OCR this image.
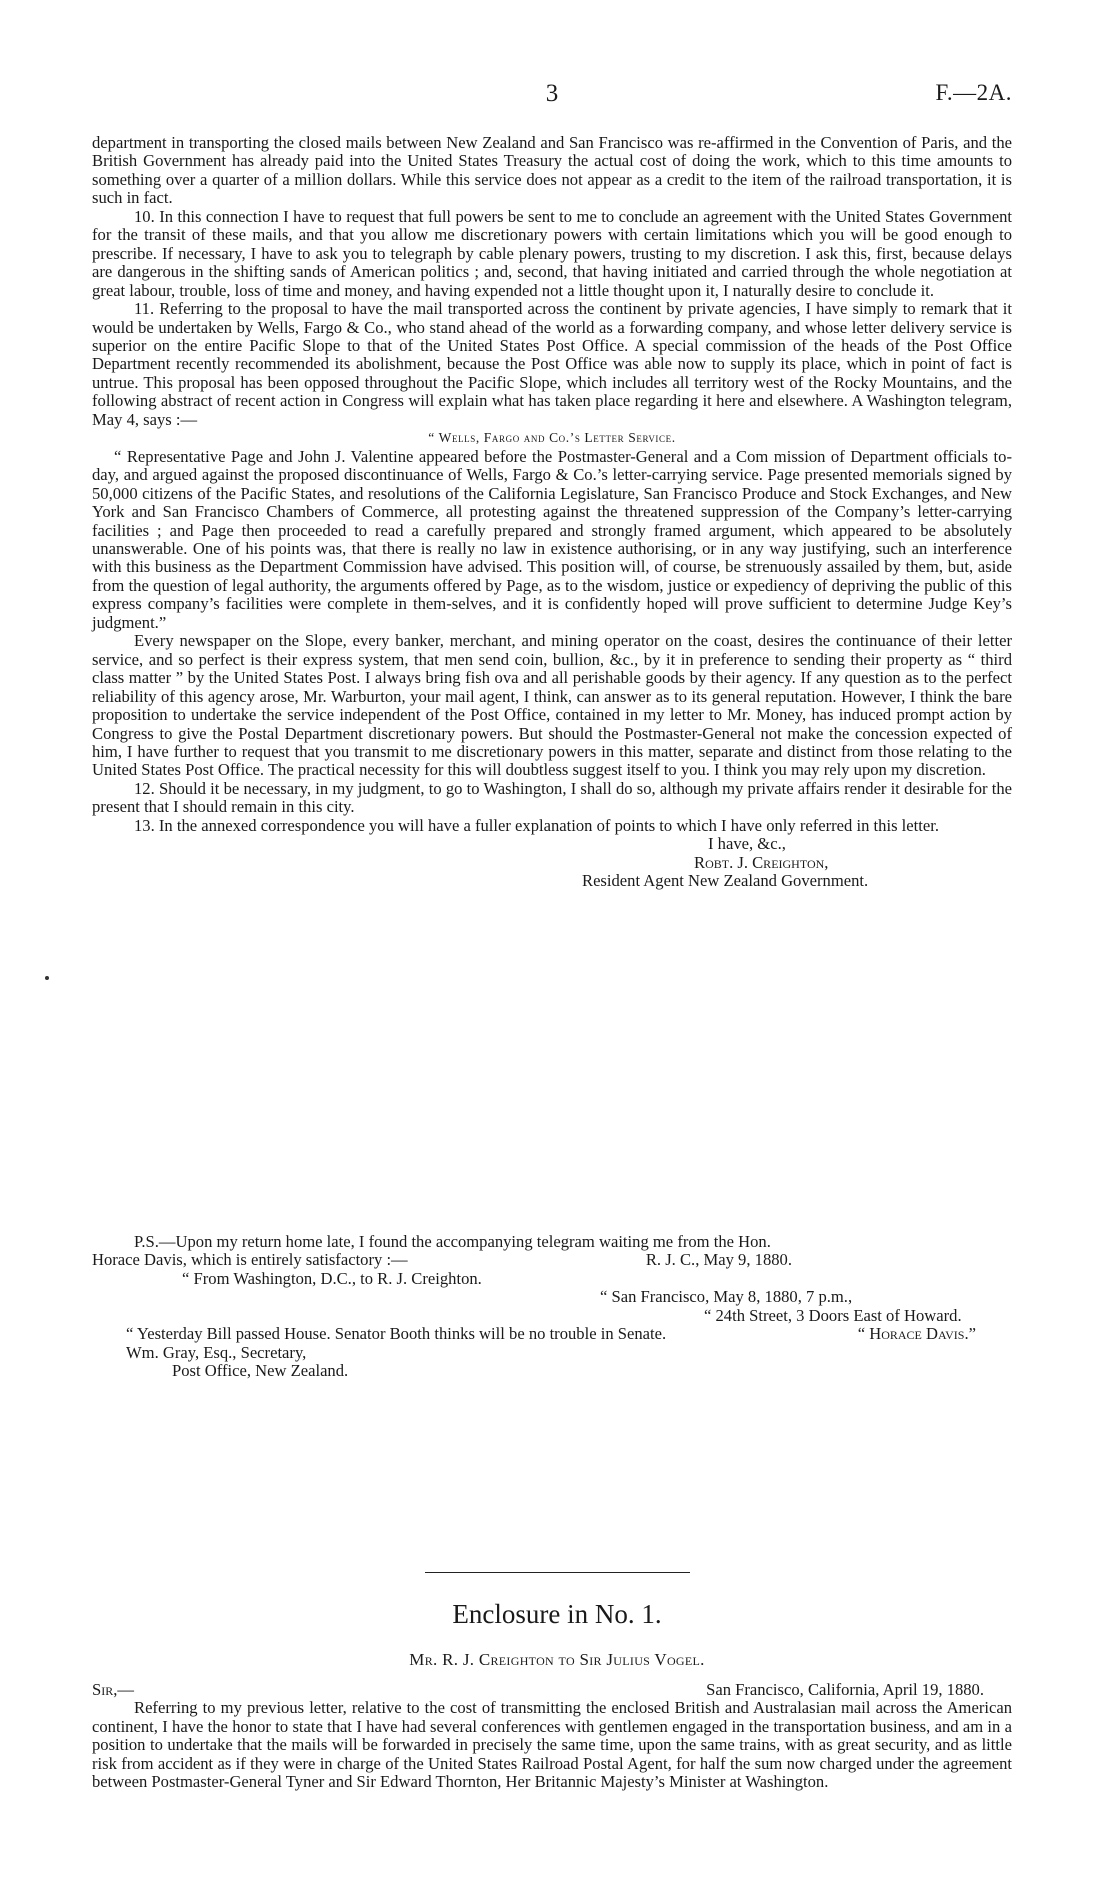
3	F.—2A.

department in transporting the closed mails between New Zealand and San Francisco was re-affirmed in the Convention of Paris, and the British Government has already paid into the United States Treasury the actual cost of doing the work, which to this time amounts to something over a quarter of a million dollars. While this service does not appear as a credit to the item of the railroad transportation, it is such in fact.

10. In this connection I have to request that full powers be sent to me to conclude an agreement with the United States Government for the transit of these mails, and that you allow me discretionary powers with certain limitations which you will be good enough to prescribe. If necessary, I have to ask you to telegraph by cable plenary powers, trusting to my discretion. I ask this, first, because delays are dangerous in the shifting sands of American politics ; and, second, that having initiated and carried through the whole negotiation at great labour, trouble, loss of time and money, and having expended not a little thought upon it, I naturally desire to conclude it.

11. Referring to the proposal to have the mail transported across the continent by private agencies, I have simply to remark that it would be undertaken by Wells, Fargo & Co., who stand ahead of the world as a forwarding company, and whose letter delivery service is superior on the entire Pacific Slope to that of the United States Post Office. A special commission of the heads of the Post Office Department recently recommended its abolishment, because the Post Office was able now to supply its place, which in point of fact is untrue. This proposal has been opposed throughout the Pacific Slope, which includes all territory west of the Rocky Mountains, and the following abstract of recent action in Congress will explain what has taken place regarding it here and elsewhere. A Washington telegram, May 4, says :—

“ Wells, Fargo and Co.’s Letter Service.

“ Representative Page and John J. Valentine appeared before the Postmaster-General and a Com mission of Department officials to-day, and argued against the proposed discontinuance of Wells, Fargo & Co.’s letter-carrying service. Page presented memorials signed by 50,000 citizens of the Pacific States, and resolutions of the California Legislature, San Francisco Produce and Stock Exchanges, and New York and San Francisco Chambers of Commerce, all protesting against the threatened suppression of the Company’s letter-carrying facilities ; and Page then proceeded to read a carefully prepared and strongly framed argument, which appeared to be absolutely unanswerable. One of his points was, that there is really no law in existence authorising, or in any way justifying, such an interference with this business as the Department Commission have advised. This position will, of course, be strenuously assailed by them, but, aside from the question of legal authority, the arguments offered by Page, as to the wisdom, justice or expediency of depriving the public of this express company’s facilities were complete in them-selves, and it is confidently hoped will prove sufficient to determine Judge Key’s judgment.”

Every newspaper on the Slope, every banker, merchant, and mining operator on the coast, desires the continuance of their letter service, and so perfect is their express system, that men send coin, bullion, &c., by it in preference to sending their property as “ third class matter ” by the United States Post. I always bring fish ova and all perishable goods by their agency. If any question as to the perfect reliability of this agency arose, Mr. Warburton, your mail agent, I think, can answer as to its general reputation. However, I think the bare proposition to undertake the service independent of the Post Office, contained in my letter to Mr. Money, has induced prompt action by Congress to give the Postal Department discretionary powers. But should the Postmaster-General not make the concession expected of him, I have further to request that you transmit to me discretionary powers in this matter, separate and distinct from those relating to the United States Post Office. The practical necessity for this will doubtless suggest itself to you. I think you may rely upon my discretion.

12. Should it be necessary, in my judgment, to go to Washington, I shall do so, although my private affairs render it desirable for the present that I should remain in this city.

13. In the annexed correspondence you will have a fuller explanation of points to which I have only referred in this letter.

I have, &c.,
Robt. J. Creighton,
Resident Agent New Zealand Government.

P.S.—Upon my return home late, I found the accompanying telegram waiting me from the Hon.

Horace Davis, which is entirely satisfactory :—	R. J. C., May 9, 1880.

“ From Washington, D.C., to R. J. Creighton.

“ San Francisco, May 8, 1880, 7 p.m.,

“ 24th Street, 3 Doors East of Howard.

“ Yesterday Bill passed House. Senator Booth thinks will be no trouble in Senate.	“ Horace Davis.”

Wm. Gray, Esq., Secretary,

Post Office, New Zealand.

Enclosure in No. 1.
Mr. R. J. Creighton to Sir Julius Vogel.
Sir,—	San Francisco, California, April 19, 1880.

Referring to my previous letter, relative to the cost of transmitting the enclosed British and Australasian mail across the American continent, I have the honor to state that I have had several conferences with gentlemen engaged in the transportation business, and am in a position to undertake that the mails will be forwarded in precisely the same time, upon the same trains, with as great security, and as little risk from accident as if they were in charge of the United States Railroad Postal Agent, for half the sum now charged under the agreement between Postmaster-General Tyner and Sir Edward Thornton, Her Britannic Majesty’s Minister at Washington.
